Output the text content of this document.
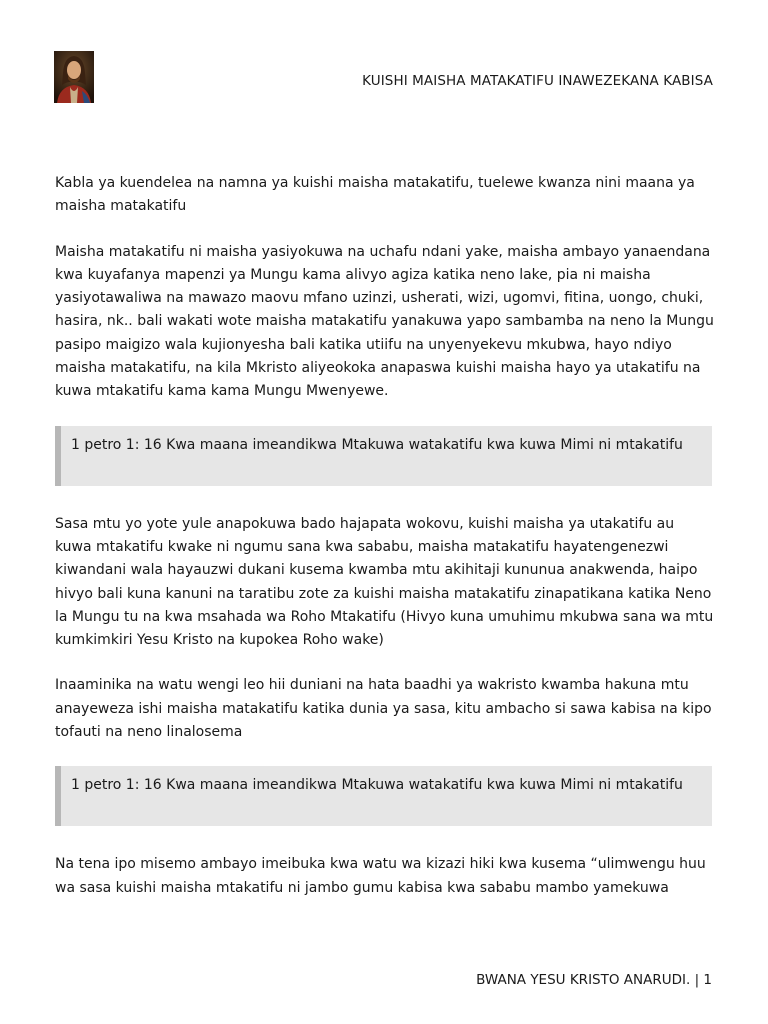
KUISHI MAISHA MATAKATIFU INAWEZEKANA KABISA

Kabla ya kuendelea na namna ya kuishi maisha matakatifu, tuelewe kwanza nini maana ya maisha matakatifu

Maisha matakatifu ni maisha yasiyokuwa na uchafu ndani yake, maisha ambayo yanaendana kwa kuyafanya mapenzi ya Mungu kama alivyo agiza katika neno lake, pia ni maisha yasiyotawaliwa na mawazo maovu mfano uzinzi, usherati, wizi, ugomvi, fitina, uongo, chuki, hasira, nk.. bali wakati wote maisha matakatifu yanakuwa yapo sambamba na neno la Mungu pasipo maigizo wala kujionyesha bali katika utiifu na unyenyekevu mkubwa, hayo ndiyo maisha matakatifu, na kila Mkristo aliyeokoka anapaswa kuishi maisha hayo ya utakatifu na kuwa mtakatifu kama kama Mungu Mwenyewe.

1 petro 1: 16 Kwa maana imeandikwa Mtakuwa watakatifu kwa kuwa Mimi ni mtakatifu

Sasa mtu yo yote yule anapokuwa bado hajapata wokovu, kuishi maisha ya utakatifu au kuwa mtakatifu kwake ni ngumu sana kwa sababu, maisha matakatifu hayatengenezwi kiwandani wala hayauzwi dukani kusema kwamba mtu akihitaji kununua anakwenda, haipo hivyo bali kuna kanuni na taratibu zote za kuishi maisha matakatifu zinapatikana katika Neno la Mungu tu na kwa msahada wa Roho Mtakatifu (Hivyo kuna umuhimu mkubwa sana wa mtu kumkimkiri Yesu Kristo na kupokea Roho wake)

Inaaminika na watu wengi leo hii duniani na hata baadhi ya wakristo kwamba hakuna mtu anayeweza ishi maisha matakatifu katika dunia ya sasa, kitu ambacho si sawa kabisa na kipo tofauti na neno linalosema

1 petro 1: 16 Kwa maana imeandikwa Mtakuwa watakatifu kwa kuwa Mimi ni mtakatifu

Na tena ipo misemo ambayo imeibuka kwa watu wa kizazi hiki kwa kusema “ulimwengu huu wa sasa kuishi maisha mtakatifu ni jambo gumu kabisa kwa sababu mambo yamekuwa

BWANA YESU KRISTO ANARUDI. | 1
